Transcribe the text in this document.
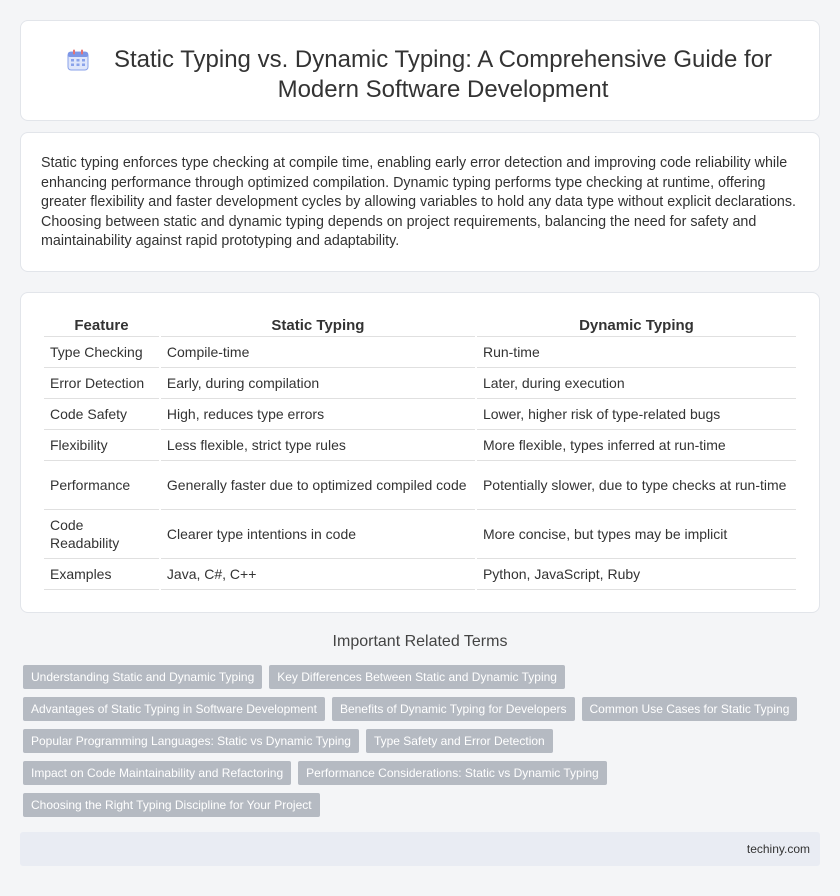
Static Typing vs. Dynamic Typing: A Comprehensive Guide for Modern Software Development

Static typing enforces type checking at compile time, enabling early error detection and improving code reliability while enhancing performance through optimized compilation. Dynamic typing performs type checking at runtime, offering greater flexibility and faster development cycles by allowing variables to hold any data type without explicit declarations. Choosing between static and dynamic typing depends on project requirements, balancing the need for safety and maintainability against rapid prototyping and adaptability.

Feature	Static Typing	Dynamic Typing
Type Checking	Compile-time	Run-time
Error Detection	Early, during compilation	Later, during execution
Code Safety	High, reduces type errors	Lower, higher risk of type-related bugs
Flexibility	Less flexible, strict type rules	More flexible, types inferred at run-time
Performance	Generally faster due to optimized compiled code	Potentially slower, due to type checks at run-time
Code Readability	Clearer type intentions in code	More concise, but types may be implicit
Examples	Java, C#, C++	Python, JavaScript, Ruby
Important Related Terms
Understanding Static and Dynamic Typing	Key Differences Between Static and Dynamic Typing
Advantages of Static Typing in Software Development	Benefits of Dynamic Typing for Developers	Common Use Cases for Static Typing
Popular Programming Languages: Static vs Dynamic Typing	Type Safety and Error Detection
Impact on Code Maintainability and Refactoring	Performance Considerations: Static vs Dynamic Typing
Choosing the Right Typing Discipline for Your Project
techiny.com
